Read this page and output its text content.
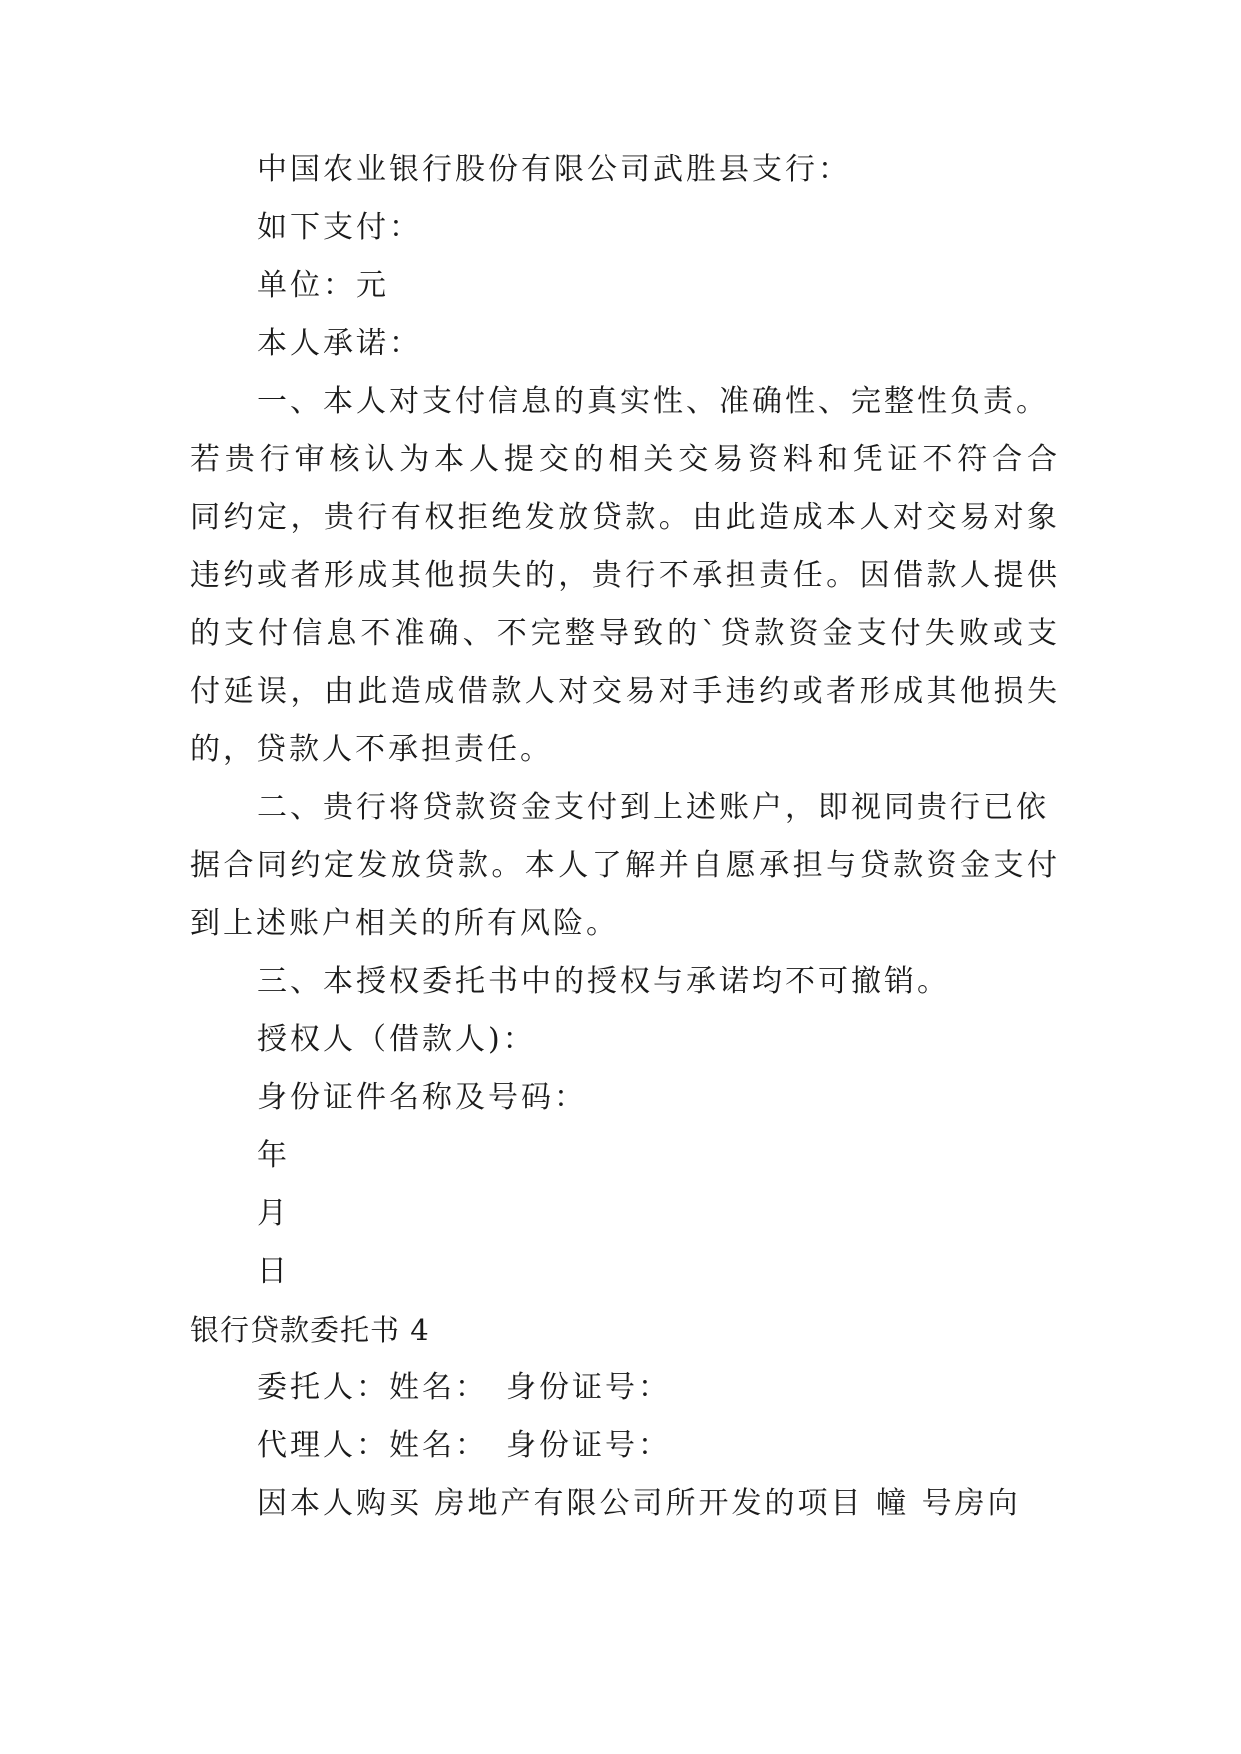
中国农业银行股份有限公司武胜县支行：
如下支付：
单位：元
本人承诺：
一、本人对支付信息的真实性、准确性、完整性负责。
若贵行审核认为本人提交的相关交易资料和凭证不符合合
同约定，贵行有权拒绝发放贷款。由此造成本人对交易对象
违约或者形成其他损失的，贵行不承担责任。因借款人提供
的支付信息不准确、不完整导致的`贷款资金支付失败或支
付延误，由此造成借款人对交易对手违约或者形成其他损失
的，贷款人不承担责任。
二、贵行将贷款资金支付到上述账户，即视同贵行已依
据合同约定发放贷款。本人了解并自愿承担与贷款资金支付
到上述账户相关的所有风险。
三、本授权委托书中的授权与承诺均不可撤销。
授权人（借款人)：
身份证件名称及号码：
年
月
日
银行贷款委托书 4
委托人：姓名：　身份证号：
代理人：姓名：　身份证号：
因本人购买 房地产有限公司所开发的项目 幢 号房向
